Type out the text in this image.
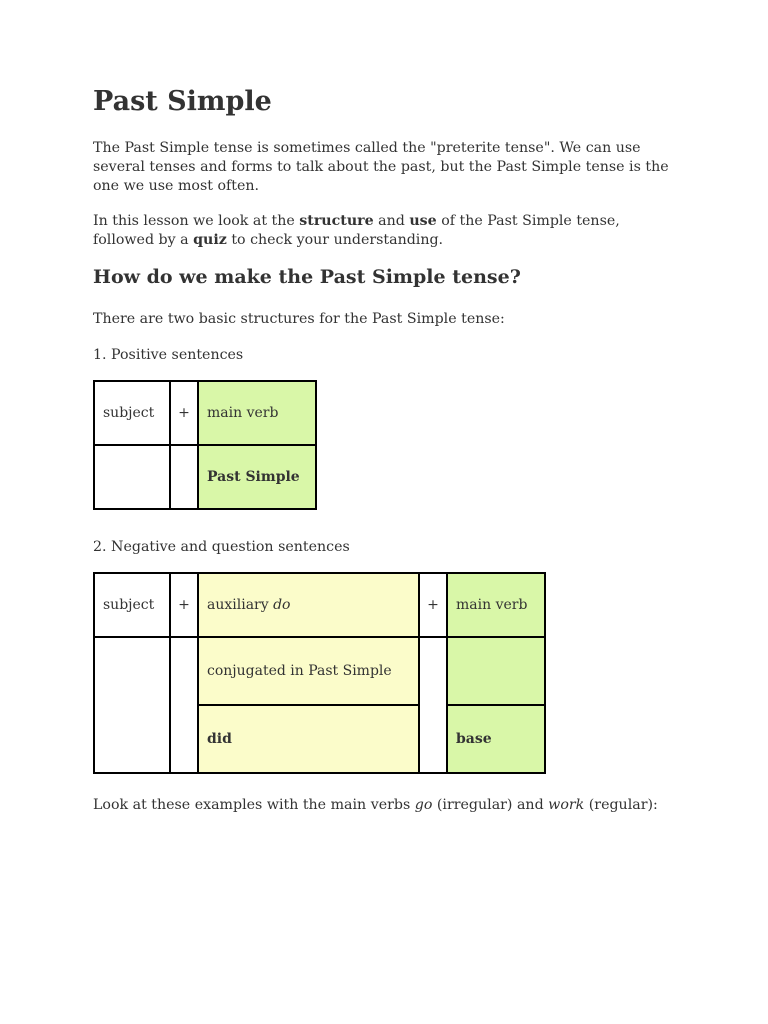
Past Simple

The Past Simple tense is sometimes called the "preterite tense". We can use several tenses and forms to talk about the past, but the Past Simple tense is the one we use most often.

In this lesson we look at the structure and use of the Past Simple tense, followed by a quiz to check your understanding.

How do we make the Past Simple tense?

There are two basic structures for the Past Simple tense:

1. Positive sentences

subject	+	main verb
		Past Simple

2. Negative and question sentences

subject	+	auxiliary do	+	main verb
		conjugated in Past Simple		
		did		base

Look at these examples with the main verbs go (irregular) and work (regular):
